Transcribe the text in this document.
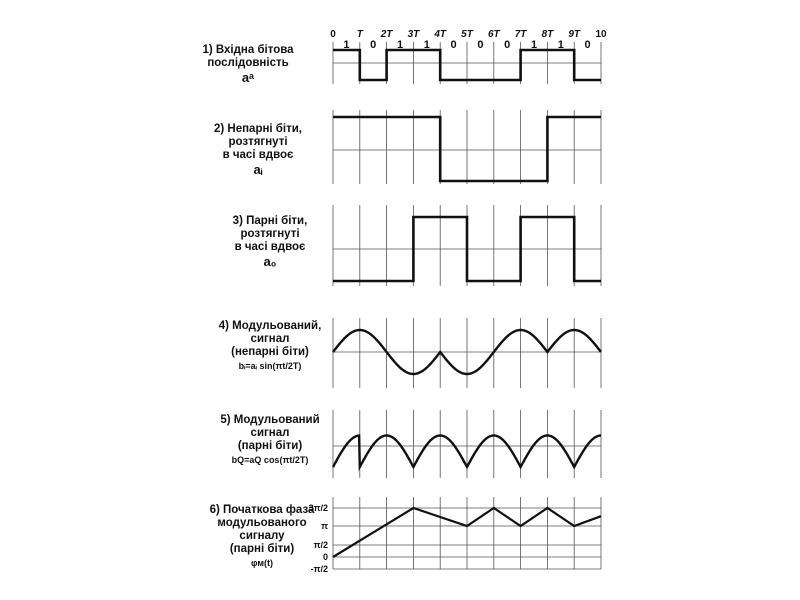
0 T 2T 3T 4T 5T 6T 7T 8T 9T 10
1 0 1 1 0 0 0 1 1 0
3π/2
π
π/2
0
-π/2
1) Вхідна бітова
послідовність
aᵃ
2) Непарні біти,
розтягнуті
в часі вдвоє
aᵢ
3) Парні біти,
розтягнуті
в часі вдвоє
a₀
4) Модульований,
сигнал
(непарні біти)
bᵢ=aᵢ sin(πt/2T)
5) Модульований
сигнал
(парні біти)
bQ=aQ cos(πt/2T)
6) Початкова фаза
модульованого
сигналу
(парні біти)
φм(t)
